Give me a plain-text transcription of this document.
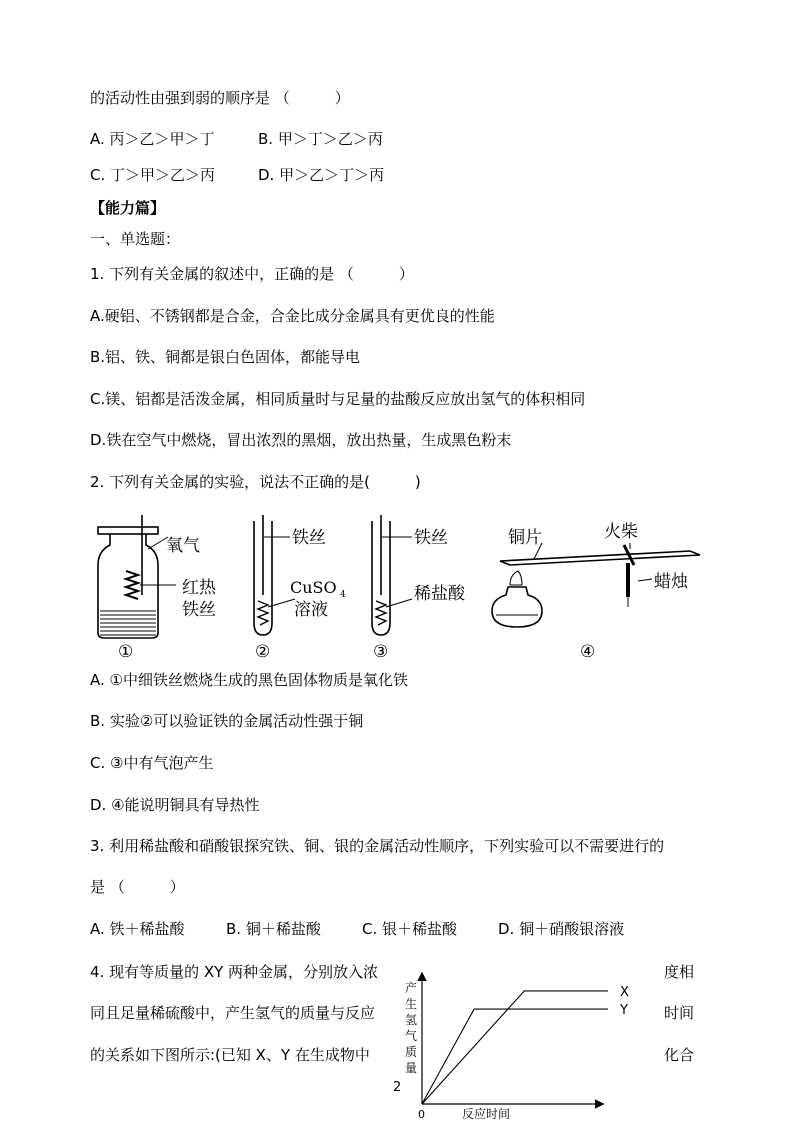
的活动性由强到弱的顺序是 （　　　）
A. 丙＞乙＞甲＞丁	B. 甲＞丁＞乙＞丙
C. 丁＞甲＞乙＞丙	D. 甲＞乙＞丁＞丙
【能力篇】
一、单选题：
1. 下列有关金属的叙述中，正确的是 （　　　）
A.硬铝、不锈钢都是合金，合金比成分金属具有更优良的性能
B.铝、铁、铜都是银白色固体，都能导电
C.镁、铝都是活泼金属，相同质量时与足量的盐酸反应放出氢气的体积相同
D.铁在空气中燃烧，冒出浓烈的黑烟，放出热量，生成黑色粉末
2. 下列有关金属的实验，说法不正确的是(　　　)
氧气
红热
铁丝
①
铁丝
CuSO 4
溶液
②
铁丝
稀盐酸
③
铜片	火柴
蜡烛
④
A. ①中细铁丝燃烧生成的黑色固体物质是氧化铁
B. 实验②可以验证铁的金属活动性强于铜
C. ③中有气泡产生
D. ④能说明铜具有导热性
3. 利用稀盐酸和硝酸银探究铁、铜、银的金属活动性顺序，下列实验可以不需要进行的
是 （　　　）
A. 铁＋稀盐酸	B. 铜＋稀盐酸	C. 银＋稀盐酸	D. 铜＋硝酸银溶液
4. 现有等质量的 XY 两种金属，分别放入浓	度相
同且足量稀硫酸中，产生氢气的质量与反应	时间
的关系如下图所示:(已知 X、Y 在生成物中	化合
2
产
生
氢
气
质
量
0	反应时间
X
Y
